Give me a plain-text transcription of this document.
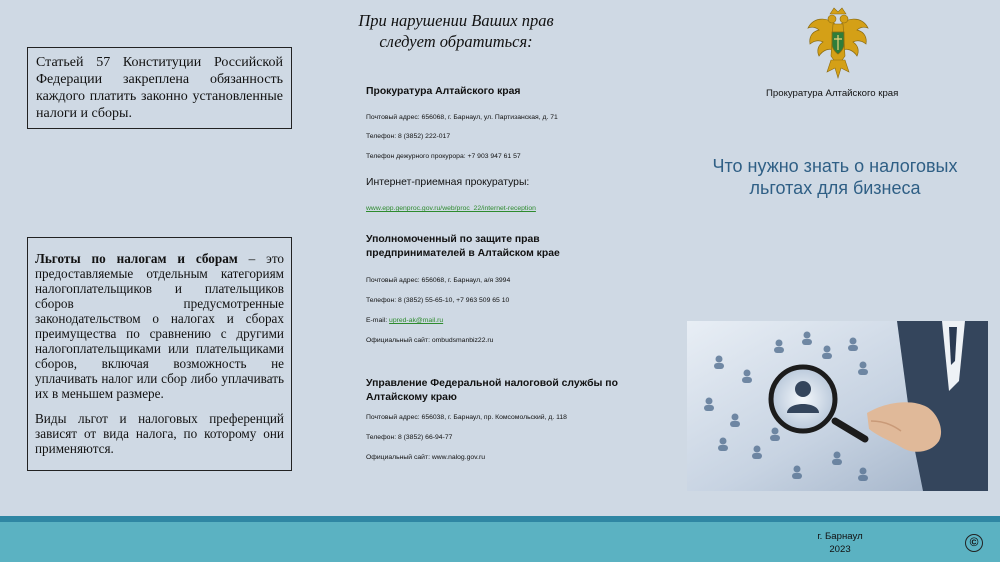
Статьей 57 Конституции Российской Федерации закреплена обязанность каждого платить законно установленные налоги и сборы.

Льготы по налогам и сборам – это предоставляемые отдельным категориям налогоплательщиков и плательщиков сборов предусмотренные законодательством о налогах и сборах преимущества по сравнению с другими налогоплательщиками или плательщиками сборов, включая возможность не уплачивать налог или сбор либо уплачивать их в меньшем размере.

Виды льгот и налоговых преференций зависят от вида налога, по которому они применяются.

При нарушении Ваших прав
следует обратиться:
Прокуратура Алтайского края
Почтовый адрес: 656068, г. Барнаул, ул. Партизанская, д. 71
Телефон: 8 (3852) 222-017
Телефон дежурного прокурора: +7 903 947 61 57
Интернет-приемная прокуратуры:
www.epp.genproc.gov.ru/web/proc_22/internet-reception
Уполномоченный по защите прав
предпринимателей в Алтайском крае
Почтовый адрес: 656068, г. Барнаул, а/я 3994
Телефон: 8 (3852) 55-65-10, +7 963 509 65 10
E-mail: upred-ak@mail.ru
Официальный сайт: ombudsmanbiz22.ru
Управление Федеральной налоговой службы по
Алтайскому краю
Почтовый адрес: 656038, г. Барнаул, пр. Комсомольский, д. 118
Телефон: 8 (3852) 66-94-77
Официальный сайт: www.nalog.gov.ru
Прокуратура Алтайского края
Что нужно знать о налоговых
льготах для бизнеса
г. Барнаул
2023
©
